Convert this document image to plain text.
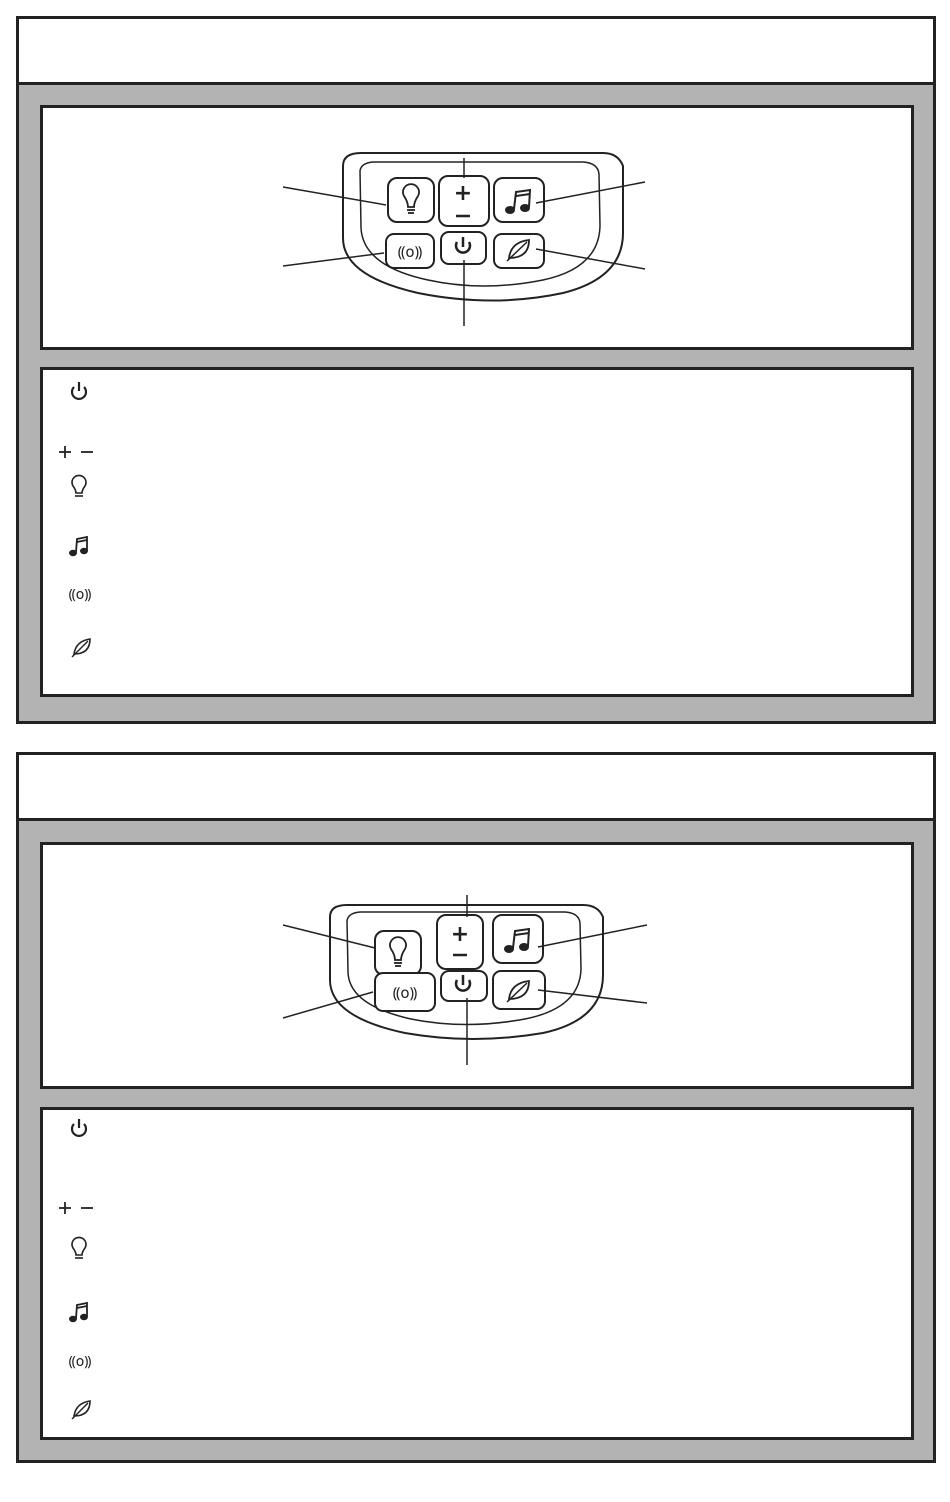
+
⸨o⸩
⸨o⸩
+
⸨o⸩
⸨o⸩
